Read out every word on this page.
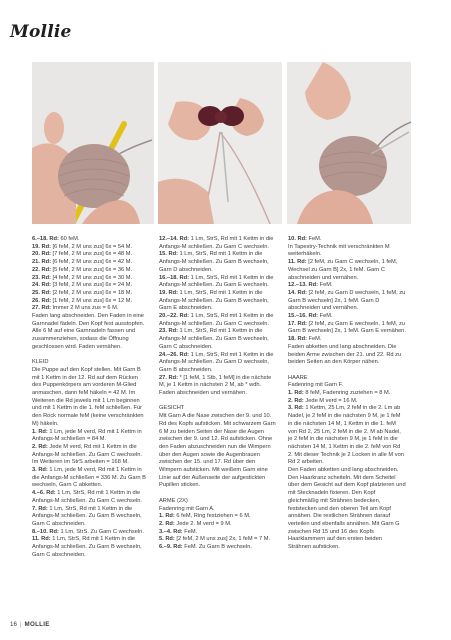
Mollie

6.–18. Rd: 60 feM.

19. Rd: [6 feM, 2 M uns zus] 6x = 54 M.

20. Rd: [7 feM, 2 M uns zus] 6x = 48 M.

21. Rd: [6 feM, 2 M uns zus] 6x = 42 M.

22. Rd: [5 feM, 2 M uns zus] 6x = 36 M.

23. Rd: [4 feM, 2 M uns zus] 6x = 30 M.

24. Rd: [3 feM, 2 M uns zus] 6x = 24 M.

25. Rd: [2 feM, 2 M uns zus] 6x = 18 M.

26. Rd: [1 feM, 2 M uns zus] 6x = 12 M.

27. Rd: Immer 2 M uns zus = 6 M.

Faden lang abschneiden. Den Faden in eine Garnnadel fädeln. Den Kopf fest ausstopfen. Alle 6 M auf eine Garnnadeln fassen und zusammenziehen, sodass die Öffnung geschlossen wird. Faden vernähen.

KLEID

Die Puppe auf den Kopf stellen. Mit Garn B mit 1 Kettm in der 12. Rd auf dem Rücken des Puppenkörpers am vorderen M-Glied anmaschen, dann feM häkeln = 42 M. Im Weiteren die Rd jeweils mit 1 Lm beginnen und mit 1 Kettm in die 1. feM schließen. Für den Rock normale feM (keine verschränkten M) häkeln.

1. Rd: 1 Lm, jede M verd, Rd mit 1 Kettm in Anfangs-M schließen = 84 M.

2. Rd: Jede M verd, Rd mit 1 Kettm in die Anfangs-M schließen. Zu Garn C wechseln. Im Weiteren im StrS arbeiten = 168 M.

3. Rd: 1 Lm, jede M verd, Rd mit 1 Kettm in die Anfangs-M schließen = 336 M. Zu Garn B wechseln, Garn C abketten.

4.–6. Rd: 1 Lm, StrS, Rd mit 1 Kettm in die Anfangs-M schließen. Zu Garn C wechseln.

7. Rd: 1 Lm, StrS, Rd mit 1 Kettm in die Anfangs-M schließen. Zu Garn B wechseln, Garn C abschneiden.

8.–10. Rd: 1 Lm, StrS. Zu Garn C wechseln.

11. Rd: 1 Lm, StrS, Rd mit 1 Kettm in die Anfangs-M schließen. Zu Garn B wechseln, Garn C abschneiden.

12.–14. Rd: 1 Lm, StrS, Rd mit 1 Kettm in die Anfangs-M schließen. Zu Garn C wechseln.

15. Rd: 1 Lm, StrS, Rd mit 1 Kettm in die Anfangs-M schließen. Zu Garn B wechseln, Garn D abschneiden.

16.–18. Rd: 1 Lm, StrS, Rd mit 1 Kettm in die Anfangs-M schließen. Zu Garn E wechseln.

19. Rd: 1 Lm, StrS, Rd mit 1 Kettm in die Anfangs-M schließen. Zu Garn B wechseln, Garn E abschneiden.

20.–22. Rd: 1 Lm, StrS, Rd mit 1 Kettm in die Anfangs-M schließen. Zu Garn C wechseln.

23. Rd: 1 Lm, StrS, Rd mit 1 Kettm in die Anfangs-M schließen. Zu Garn B wechseln, Garn C abschneiden.

24.–26. Rd: 1 Lm, StrS, Rd mit 1 Kettm in die Anfangs-M schließen. Zu Garn D wechseln, Garn B abschneiden.

27. Rd: * [1 feM, 1 Stb, 1 feM] in die nächste M, je 1 Kettm in nächsten 2 M, ab * wdh. Faden abschneiden und vernähen.

GESICHT

Mit Garn A die Nase zwischen der 9. und 10. Rd des Kopfs aufsticken. Mit schwarzem Garn 6 M zu beiden Seiten der Nase die Augen zwischen der 9. und 12. Rd aufsticken. Ohne den Faden abzuschneiden nun die Wimpern über den Augen sowie die Augenbrauen zwischen der 15. und 17. Rd über den Wimpern aufsticken. Mit weißem Garn eine Linie auf der Außenseite der aufgestickten Pupillen sticken.

ARME (2X)

Fadenring mit Garn A.

1. Rd: 6 feM, Ring festziehen = 6 M.

2. Rd: Jede 2. M verd = 9 M.

3.–4. Rd: FeM.

5. Rd: [2 feM, 2 M uns zus] 2x, 1 feM = 7 M.

6.–9. Rd: FeM. Zu Garn B wechseln.

10. Rd: FeM.

In Tapestry-Technik mit verschränkten M weiterhäkeln.

11. Rd: [2 feM, zu Garn C wechseln, 1 feM, Wechsel zu Garn B] 2x, 1 feM. Garn C abschneiden und vernähen.

12.–13. Rd: FeM.

14. Rd: [2 feM, zu Garn D wechseln, 1 feM, zu Garn B wechseln] 2x, 1 feM. Garn D abschneiden und vernähen.

15.–16. Rd: FeM.

17. Rd: [2 feM, zu Garn E wechseln, 1 feM, zu Garn B wechseln] 2x, 1 feM. Garn E vernähen.

18. Rd: FeM.

Faden abketten und lang abschneiden. Die beiden Arme zwischen der 21. und 22. Rd zu beiden Seiten an den Körper nähen.

HAARE

Fadenring mit Garn F.

1. Rd: 8 feM, Fadenring zuziehen = 8 M.

2. Rd: Jede M verd = 16 M.

3. Rd: 1 Kettm, 25 Lm, 2 feM in die 2. Lm ab Nadel, je 2 feM in die nächsten 9 M, je 1 feM in die nächsten 14 M, 1 Kettm in die 1. feM von Rd 2, 25 Lm, 2 feM in die 2. M ab Nadel, je 2 feM in die nächsten 9 M, je 1 feM in die nächsten 14 M, 1 Kettm in die 2. feM von Rd 2. Mit dieser Technik je 2 Locken in alle M von Rd 2 arbeiten.

Den Faden abketten und lang abschneiden. Den Haarkranz scheiteln. Mit dem Scheitel über dem Gesicht auf dem Kopf platzieren und mit Stecknadeln fixieren. Den Kopf gleichmäßig mit Strähnen bedecken, feststecken und den oberen Teil am Kopf annähen. Die restlichen Strähnen darauf verteilen und ebenfalls annähen. Mit Garn G zwischen Rd 15 und 16 des Kopfs Haarklammern auf den ersten beiden Strähnen aufsticken.

16 | MOLLIE
